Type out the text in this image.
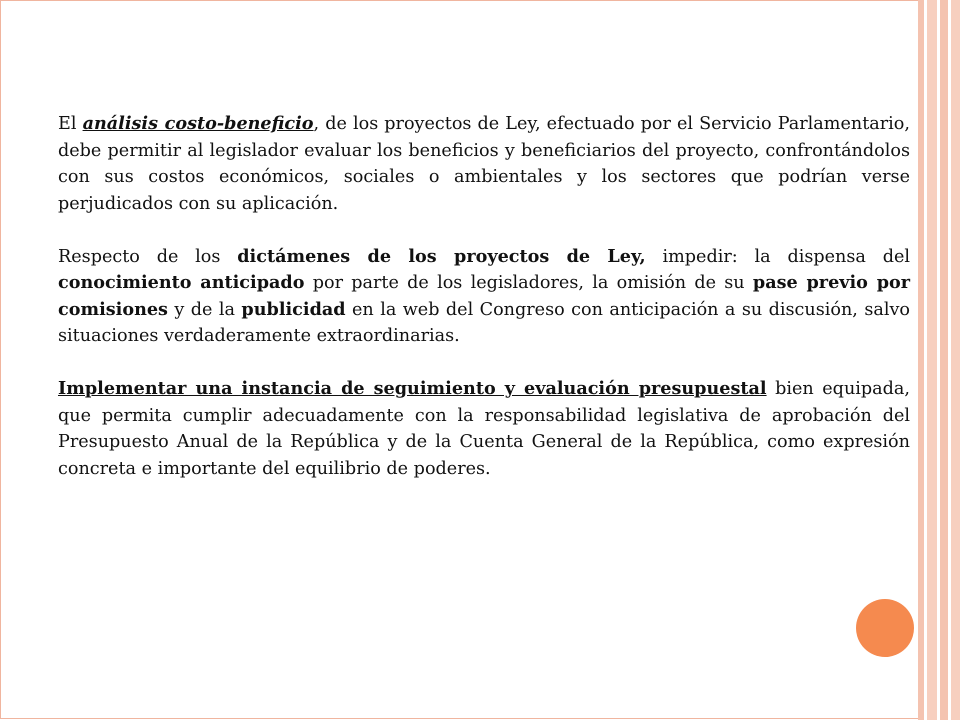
El análisis costo-beneficio, de los proyectos de Ley, efectuado por el Servicio Parlamentario, debe permitir al legislador evaluar los beneficios y beneficiarios del proyecto, confrontándolos con sus costos económicos, sociales o ambientales y los sectores que podrían verse perjudicados con su aplicación.

Respecto de los dictámenes de los proyectos de Ley, impedir: la dispensa del conocimiento anticipado por parte de los legisladores, la omisión de su pase previo por comisiones y de la publicidad en la web del Congreso con anticipación a su discusión, salvo situaciones verdaderamente extraordinarias.

Implementar una instancia de seguimiento y evaluación presupuestal bien equipada, que permita cumplir adecuadamente con la responsabilidad legislativa de aprobación del Presupuesto Anual de la República y de la Cuenta General de la República, como expresión concreta e importante del equilibrio de poderes.
